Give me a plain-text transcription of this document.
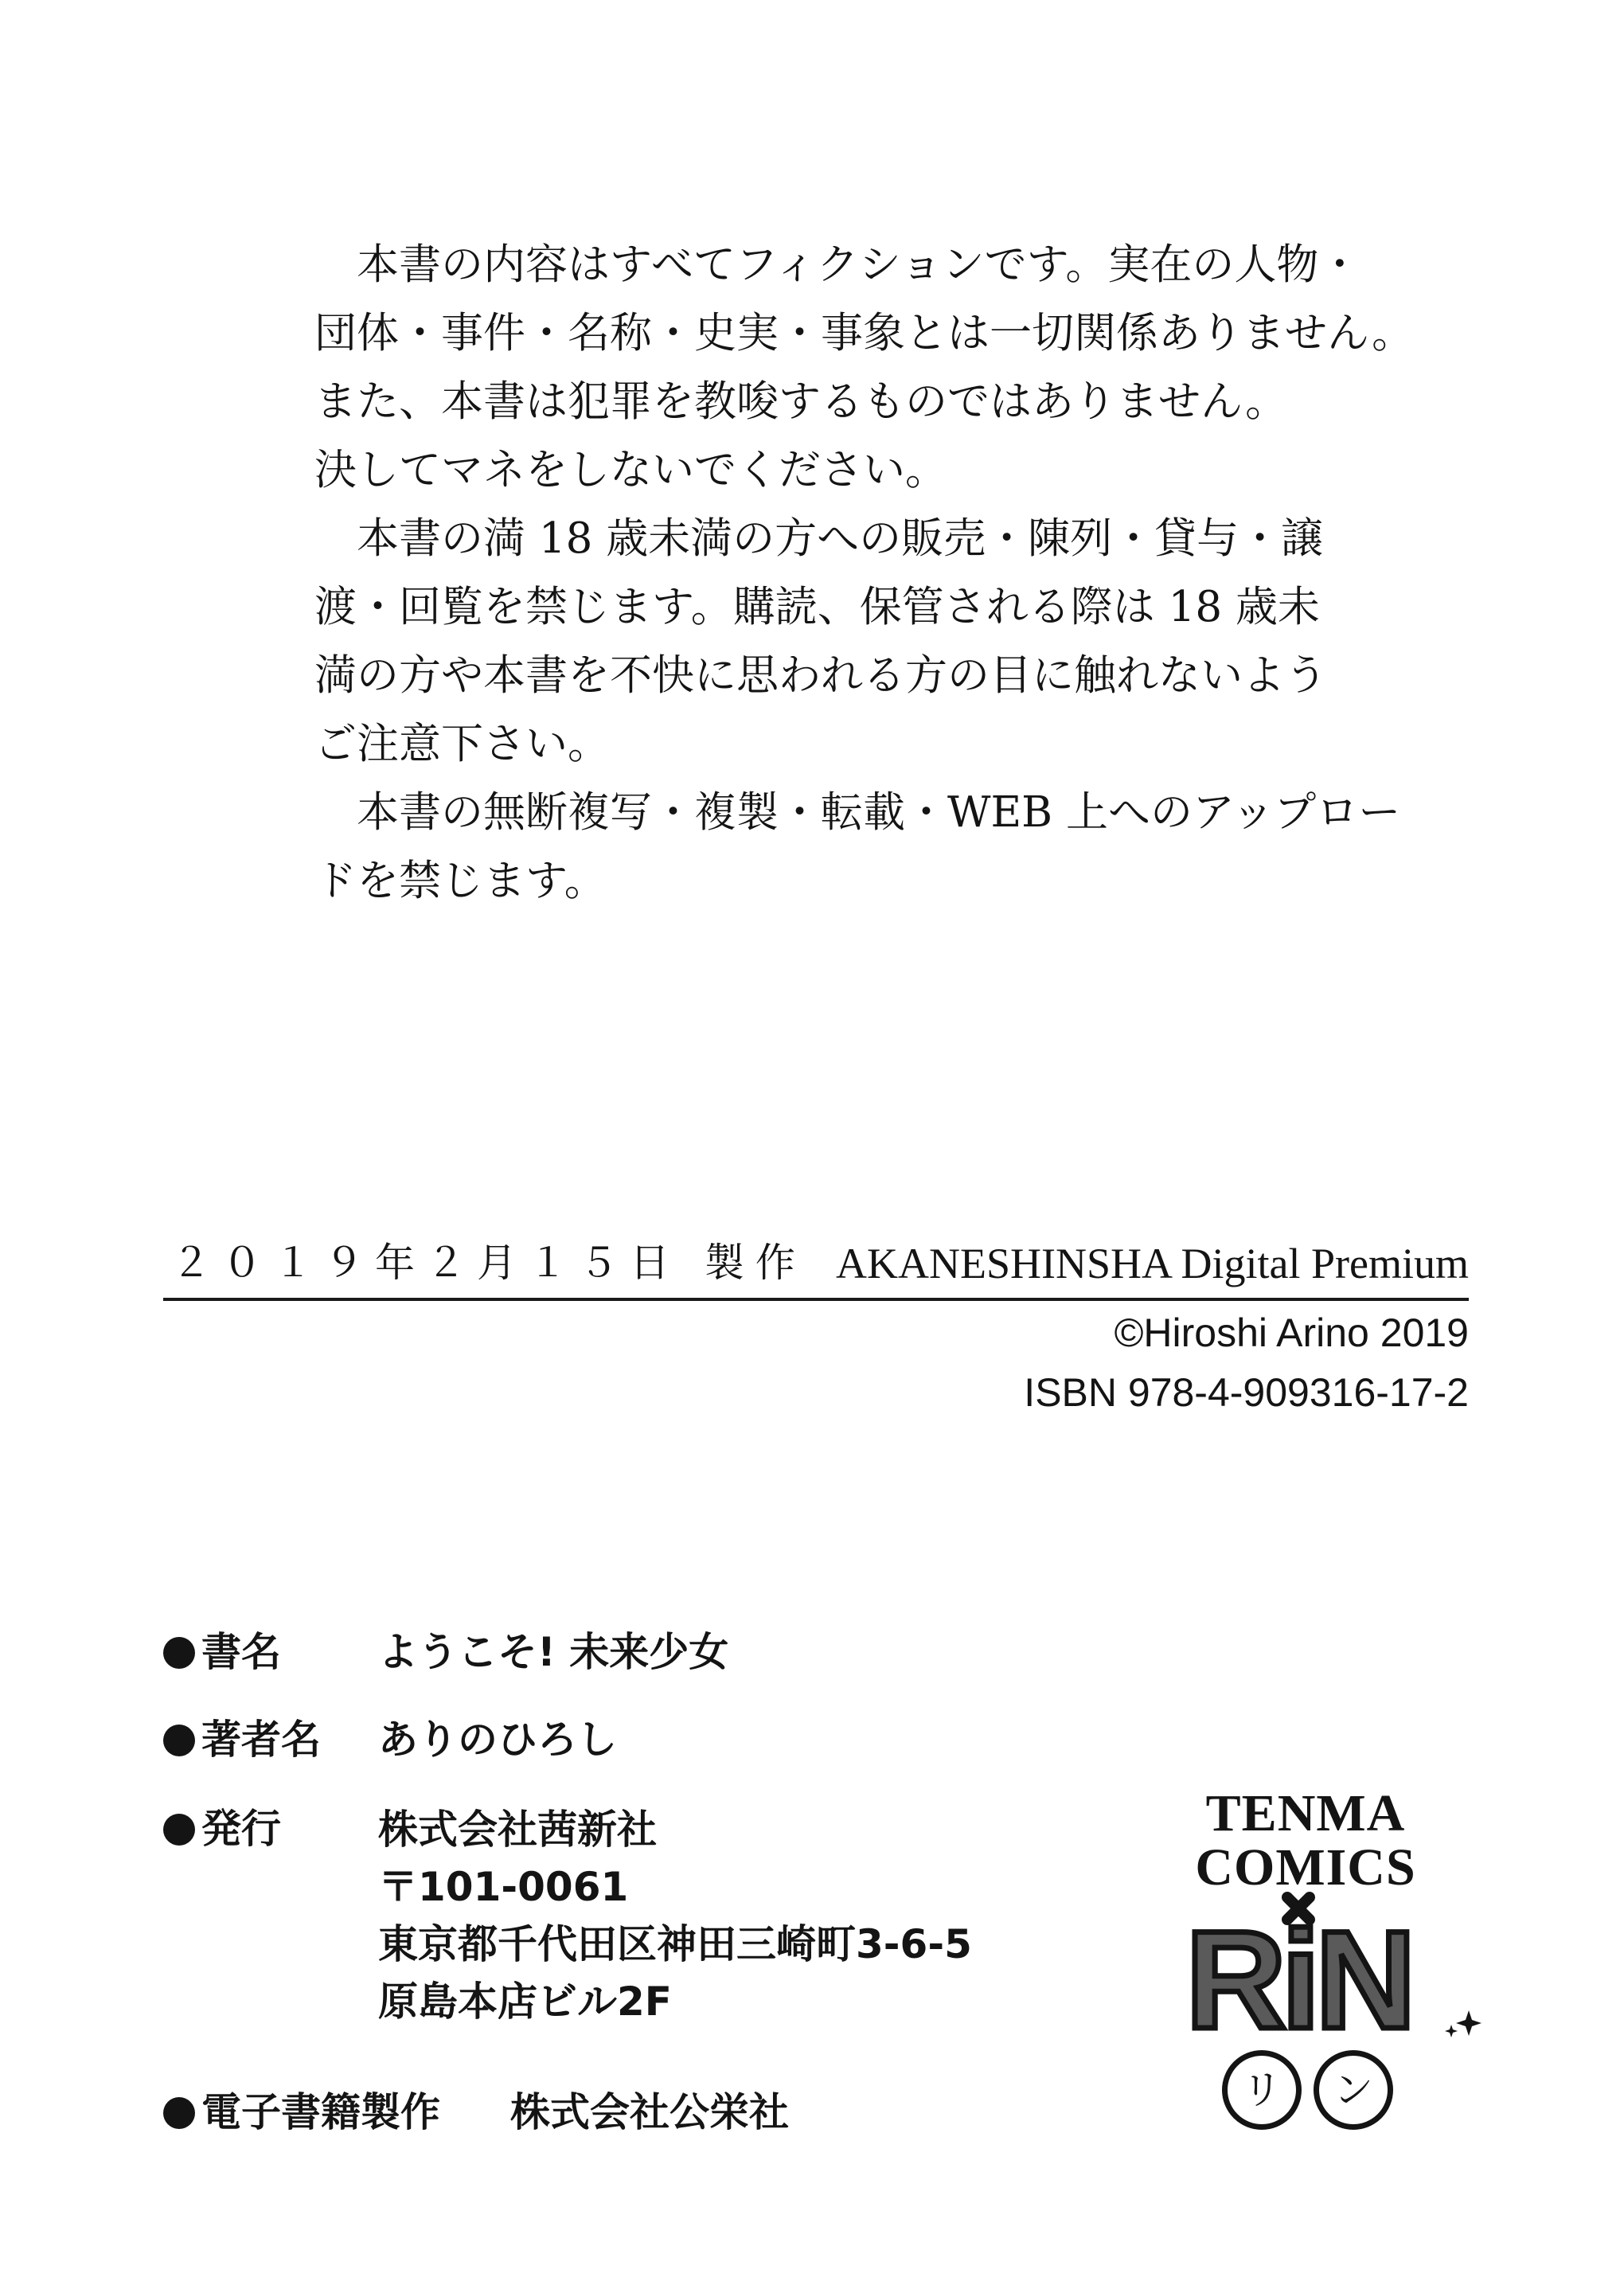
　本書の内容はすべてフィクションです。実在の人物・

団体・事件・名称・史実・事象とは一切関係ありません。

また、本書は犯罪を教唆するものではありません。

決してマネをしないでください。

　本書の満 18 歳未満の方への販売・陳列・貸与・譲

渡・回覧を禁じます。購読、保管される際は 18 歳未

満の方や本書を不快に思われる方の目に触れないよう

ご注意下さい。

　本書の無断複写・複製・転載・WEB 上へのアップロー

ドを禁じます。

２０１９年２月１５日 製作 AKANESHINSHA Digital Premium
©Hiroshi Arino 2019
ISBN 978-4-909316-17-2
書名 ようこそ! 未来少女
著者名 ありのひろし
発行 株式会社茜新社
〒101-0061
東京都千代田区神田三崎町3-6-5
原島本店ビル2F
電子書籍製作 株式会社公栄社
TENMA
COMICS
RiN
リ	ン
